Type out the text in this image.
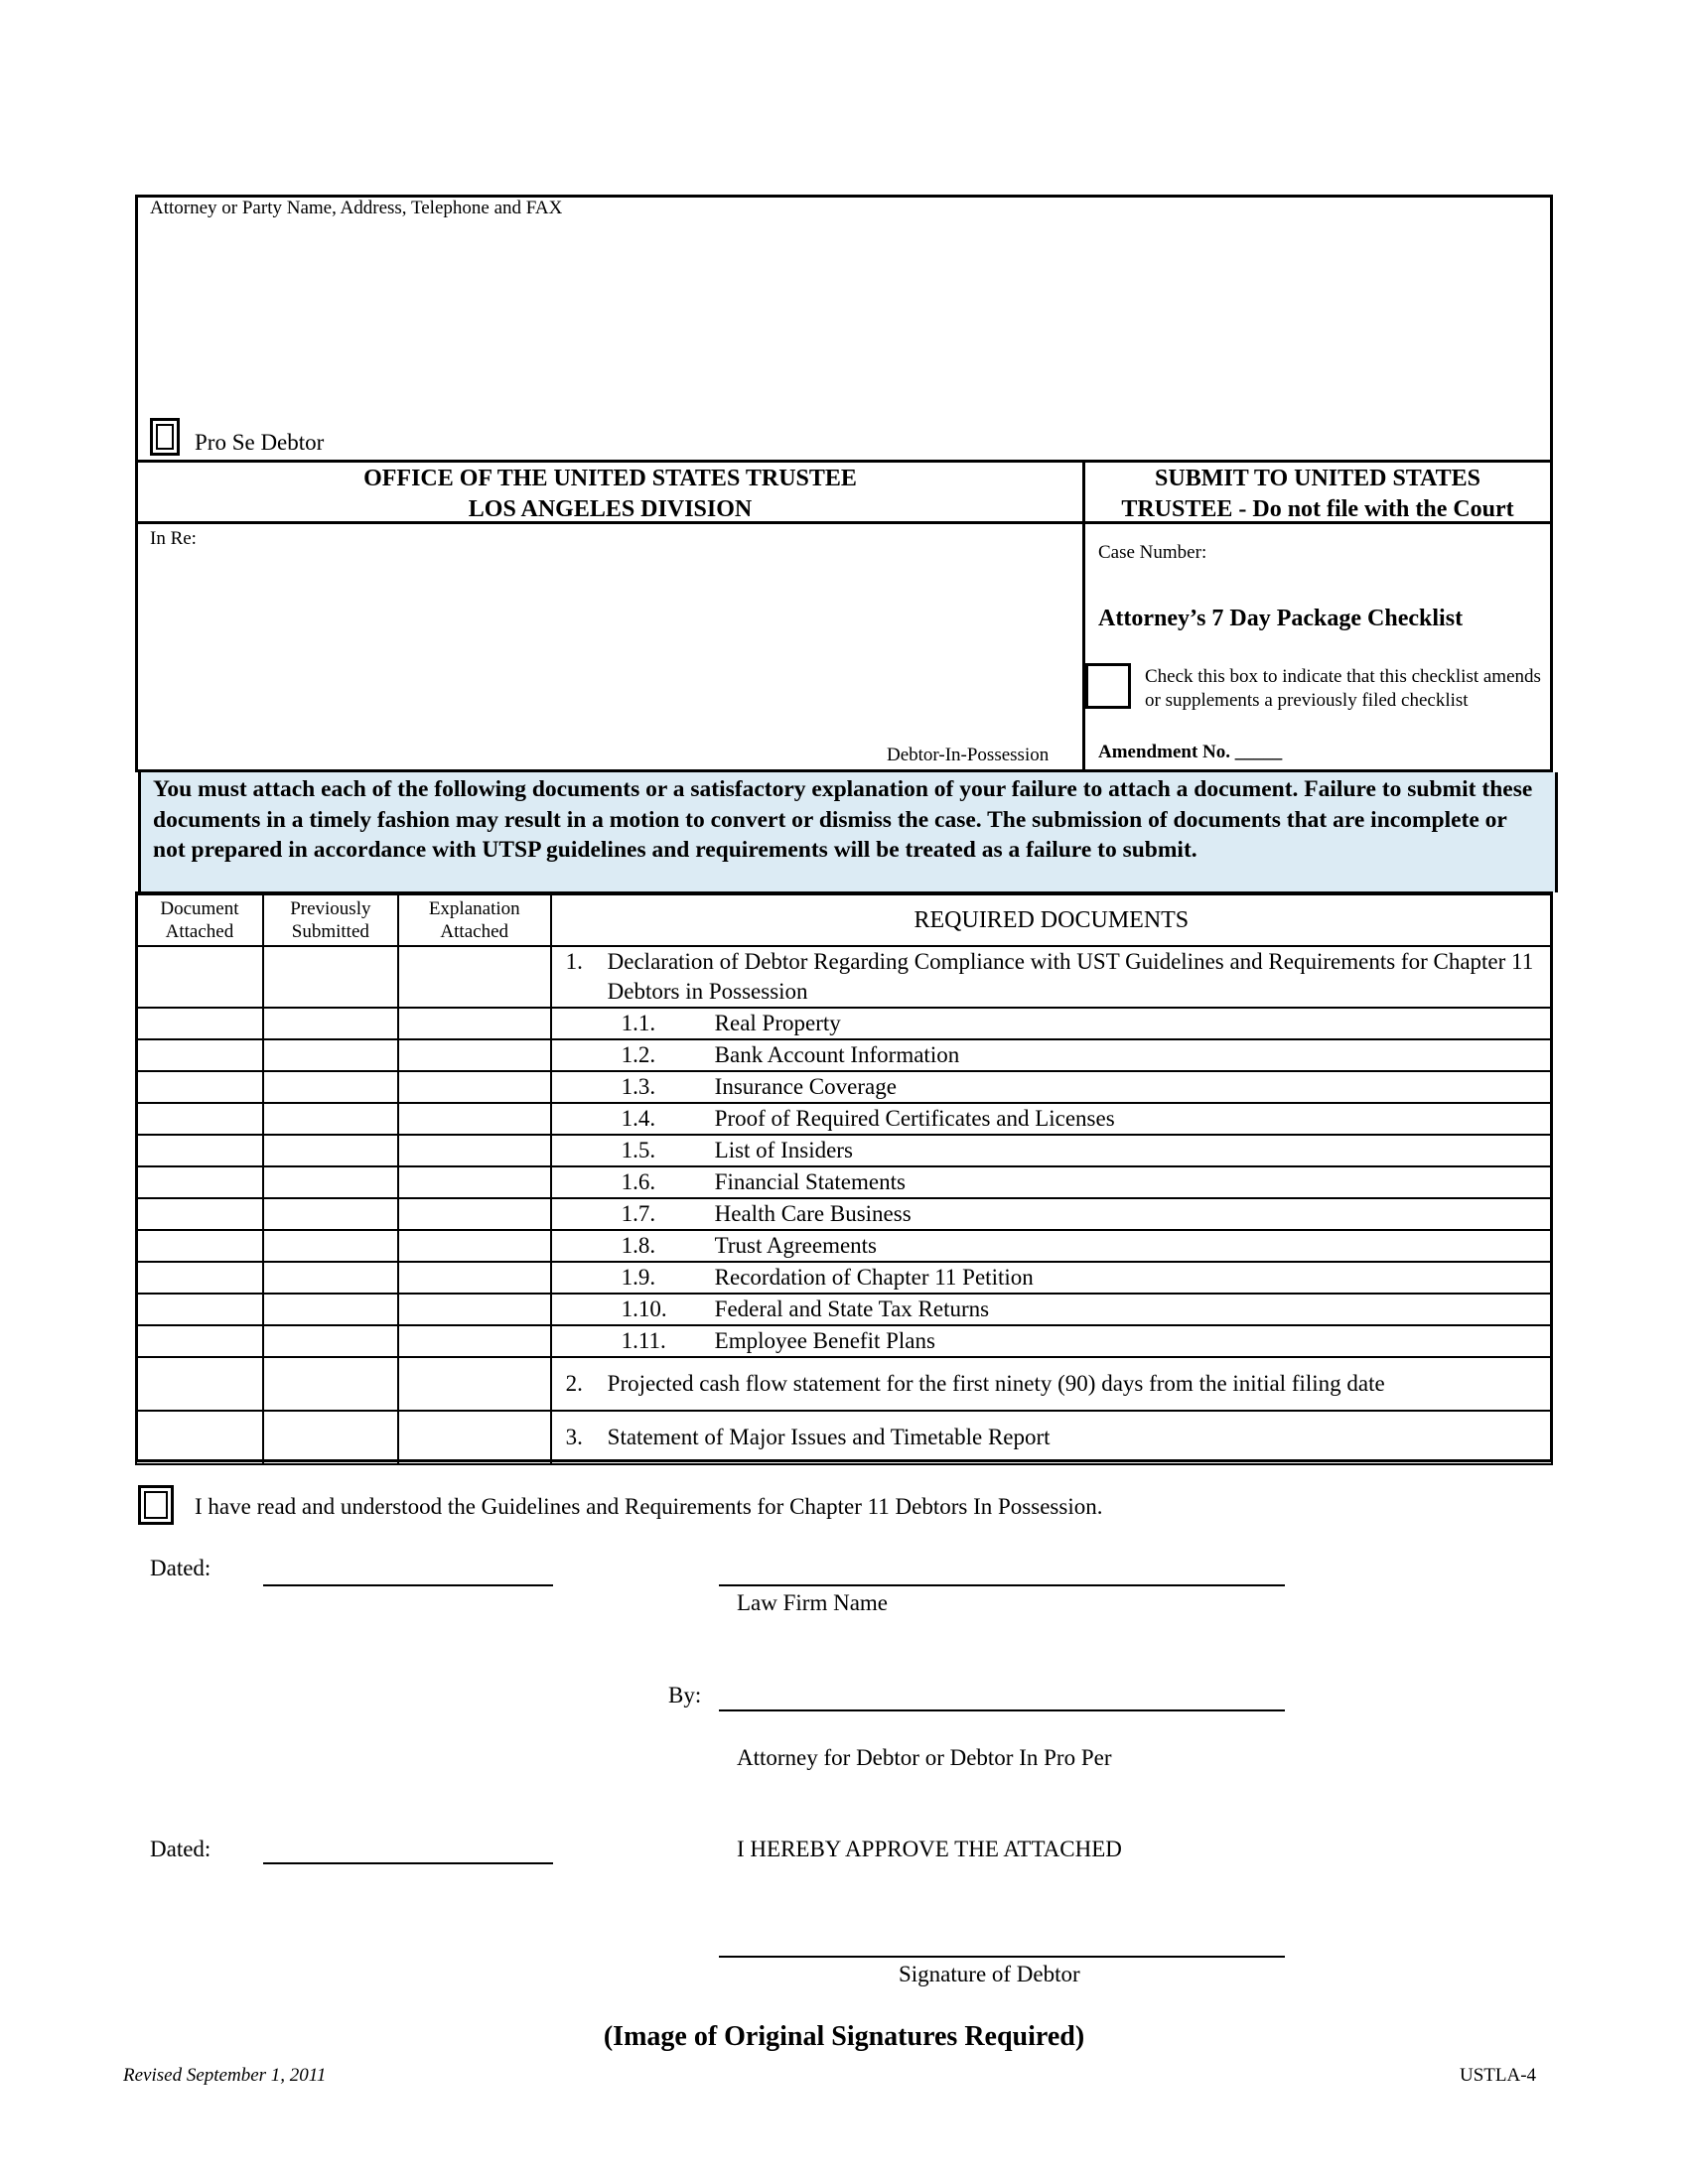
Attorney or Party Name, Address, Telephone and FAX
Pro Se Debtor
OFFICE OF THE UNITED STATES TRUSTEE
LOS ANGELES DIVISION
SUBMIT TO UNITED STATES
TRUSTEE - Do not file with the Court
In Re:
Debtor-In-Possession
Case Number:
Attorney’s 7 Day Package Checklist
Check this box to indicate that this checklist amends or supplements a previously filed checklist
Amendment No. _____
You must attach each of the following documents or a satisfactory explanation of your failure to attach a document. Failure to submit these documents in a timely fashion may result in a motion to convert or dismiss the case. The submission of documents that are incomplete or not prepared in accordance with UTSP guidelines and requirements will be treated as a failure to submit.
Document Attached	Previously Submitted	Explanation Attached	REQUIRED DOCUMENTS

			1. Declaration of Debtor Regarding Compliance with UST Guidelines and Requirements for Chapter 11 Debtors in Possession

			1.1. Real Property
			1.2. Bank Account Information
			1.3. Insurance Coverage
			1.4. Proof of Required Certificates and Licenses
			1.5. List of Insiders
			1.6. Financial Statements
			1.7. Health Care Business
			1.8. Trust Agreements
			1.9. Recordation of Chapter 11 Petition
			1.10. Federal and State Tax Returns
			1.11. Employee Benefit Plans
			2. Projected cash flow statement for the first ninety (90) days from the initial filing date
			3. Statement of Major Issues and Timetable Report
I have read and understood the Guidelines and Requirements for Chapter 11 Debtors In Possession.
Dated:
Law Firm Name
By:
Attorney for Debtor or Debtor In Pro Per
Dated:	I HEREBY APPROVE THE ATTACHED
Signature of Debtor
(Image of Original Signatures Required)
Revised September 1, 2011	USTLA-4
